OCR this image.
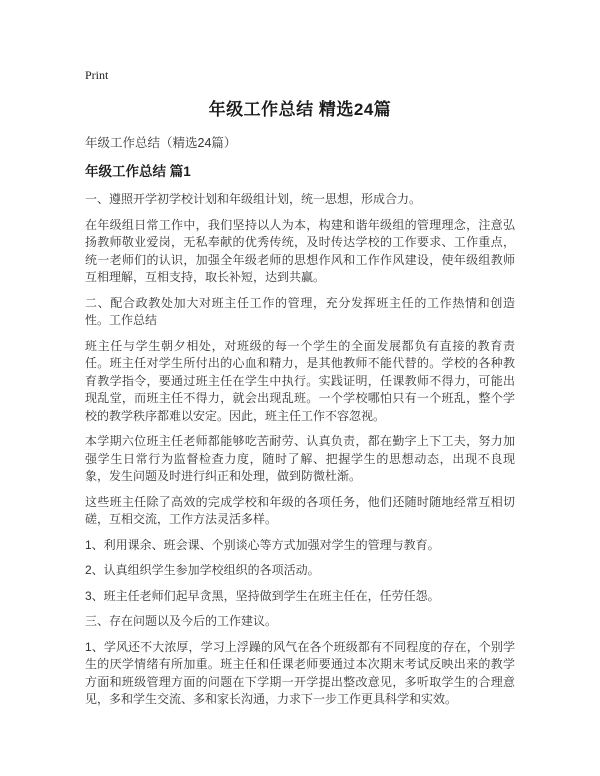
Print
年级工作总结 精选24篇
年级工作总结（精选24篇）
年级工作总结 篇1

一、遵照开学初学校计划和年级组计划，统一思想，形成合力。

在年级组日常工作中，我们坚持以人为本，构建和谐年级组的管理理念，注意弘扬教师敬业爱岗，无私奉献的优秀传统，及时传达学校的工作要求、工作重点，统一老师们的认识，加强全年级老师的思想作风和工作作风建设，使年级组教师互相理解，互相支持，取长补短，达到共赢。

二、配合政教处加大对班主任工作的管理，充分发挥班主任的工作热情和创造性。工作总结

班主任与学生朝夕相处，对班级的每一个学生的全面发展都负有直接的教育责任。班主任对学生所付出的心血和精力，是其他教师不能代替的。学校的各种教育教学指令，要通过班主任在学生中执行。实践证明，任课教师不得力，可能出现乱堂，而班主任不得力，就会出现乱班。一个学校哪怕只有一个班乱，整个学校的教学秩序都难以安定。因此，班主任工作不容忽视。

本学期六位班主任老师都能够吃苦耐劳、认真负责，都在勤字上下工夫，努力加强学生日常行为监督检查力度，随时了解、把握学生的思想动态，出现不良现象，发生问题及时进行纠正和处理，做到防微杜渐。

这些班主任除了高效的完成学校和年级的各项任务，他们还随时随地经常互相切磋，互相交流，工作方法灵活多样。

1、利用课余、班会课、个别谈心等方式加强对学生的管理与教育。

2、认真组织学生参加学校组织的各项活动。

3、班主任老师们起早贪黑，坚持做到学生在班主任在，任劳任怨。

三、存在问题以及今后的工作建议。

1、学风还不大浓厚，学习上浮躁的风气在各个班级都有不同程度的存在，个别学生的厌学情绪有所加重。班主任和任课老师要通过本次期末考试反映出来的教学方面和班级管理方面的问题在下学期一开学提出整改意见，多听取学生的合理意见，多和学生交流、多和家长沟通，力求下一步工作更具科学和实效。
